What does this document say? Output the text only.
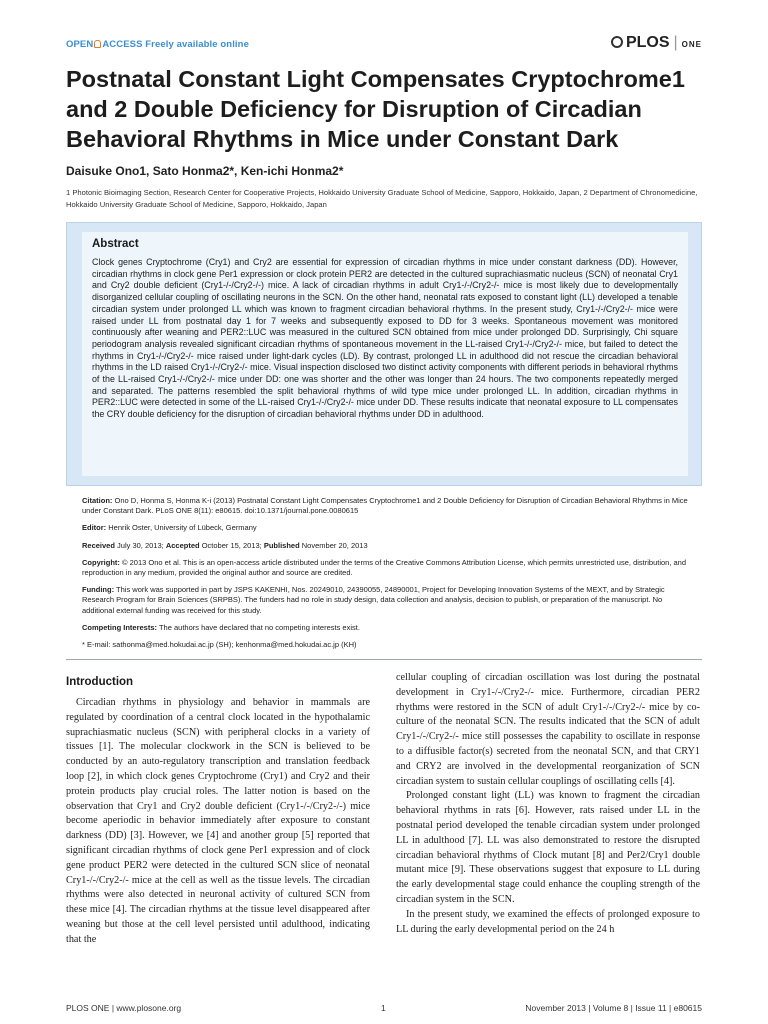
OPEN ACCESS Freely available online	PLOS | ONE
Postnatal Constant Light Compensates Cryptochrome1 and 2 Double Deficiency for Disruption of Circadian Behavioral Rhythms in Mice under Constant Dark
Daisuke Ono1, Sato Honma2*, Ken-ichi Honma2*
1 Photonic Bioimaging Section, Research Center for Cooperative Projects, Hokkaido University Graduate School of Medicine, Sapporo, Hokkaido, Japan, 2 Department of Chronomedicine, Hokkaido University Graduate School of Medicine, Sapporo, Hokkaido, Japan
Abstract

Clock genes Cryptochrome (Cry1) and Cry2 are essential for expression of circadian rhythms in mice under constant darkness (DD). However, circadian rhythms in clock gene Per1 expression or clock protein PER2 are detected in the cultured suprachiasmatic nucleus (SCN) of neonatal Cry1 and Cry2 double deficient (Cry1-/-/Cry2-/-) mice. A lack of circadian rhythms in adult Cry1-/-/Cry2-/- mice is most likely due to developmentally disorganized cellular coupling of oscillating neurons in the SCN. On the other hand, neonatal rats exposed to constant light (LL) developed a tenable circadian system under prolonged LL which was known to fragment circadian behavioral rhythms. In the present study, Cry1-/-/Cry2-/- mice were raised under LL from postnatal day 1 for 7 weeks and subsequently exposed to DD for 3 weeks. Spontaneous movement was monitored continuously after weaning and PER2::LUC was measured in the cultured SCN obtained from mice under prolonged DD. Surprisingly, Chi square periodogram analysis revealed significant circadian rhythms of spontaneous movement in the LL-raised Cry1-/-/Cry2-/- mice, but failed to detect the rhythms in Cry1-/-/Cry2-/- mice raised under light-dark cycles (LD). By contrast, prolonged LL in adulthood did not rescue the circadian behavioral rhythms in the LD raised Cry1-/-/Cry2-/- mice. Visual inspection disclosed two distinct activity components with different periods in behavioral rhythms of the LL-raised Cry1-/-/Cry2-/- mice under DD: one was shorter and the other was longer than 24 hours. The two components repeatedly merged and separated. The patterns resembled the split behavioral rhythms of wild type mice under prolonged LL. In addition, circadian rhythms in PER2::LUC were detected in some of the LL-raised Cry1-/-/Cry2-/- mice under DD. These results indicate that neonatal exposure to LL compensates the CRY double deficiency for the disruption of circadian behavioral rhythms under DD in adulthood.

Citation: Ono D, Honma S, Honma K-i (2013) Postnatal Constant Light Compensates Cryptochrome1 and 2 Double Deficiency for Disruption of Circadian Behavioral Rhythms in Mice under Constant Dark. PLoS ONE 8(11): e80615. doi:10.1371/journal.pone.0080615

Editor: Henrik Oster, University of Lübeck, Germany

Received July 30, 2013; Accepted October 15, 2013; Published November 20, 2013

Copyright: © 2013 Ono et al. This is an open-access article distributed under the terms of the Creative Commons Attribution License, which permits unrestricted use, distribution, and reproduction in any medium, provided the original author and source are credited.

Funding: This work was supported in part by JSPS KAKENHI, Nos. 20249010, 24390055, 24890001, Project for Developing Innovation Systems of the MEXT, and by Strategic Research Program for Brain Sciences (SRPBS). The funders had no role in study design, data collection and analysis, decision to publish, or preparation of the manuscript. No additional external funding was received for this study.

Competing Interests: The authors have declared that no competing interests exist.

* E-mail: sathonma@med.hokudai.ac.jp (SH); kenhonma@med.hokudai.ac.jp (KH)

Introduction

Circadian rhythms in physiology and behavior in mammals are regulated by coordination of a central clock located in the hypothalamic suprachiasmatic nucleus (SCN) with peripheral clocks in a variety of tissues [1]. The molecular clockwork in the SCN is believed to be conducted by an auto-regulatory transcription and translation feedback loop [2], in which clock genes Cryptochrome (Cry1) and Cry2 and their protein products play crucial roles. The latter notion is based on the observation that Cry1 and Cry2 double deficient (Cry1-/-/Cry2-/-) mice become aperiodic in behavior immediately after exposure to constant darkness (DD) [3]. However, we [4] and another group [5] reported that significant circadian rhythms of clock gene Per1 expression and of clock gene product PER2 were detected in the cultured SCN slice of neonatal Cry1-/-/Cry2-/- mice at the cell as well as the tissue levels. The circadian rhythms were also detected in neuronal activity of cultured SCN from these mice [4]. The circadian rhythms at the tissue level disappeared after weaning but those at the cell level persisted until adulthood, indicating that the

cellular coupling of circadian oscillation was lost during the postnatal development in Cry1-/-/Cry2-/- mice. Furthermore, circadian PER2 rhythms were restored in the SCN of adult Cry1-/-/Cry2-/- mice by co-culture of the neonatal SCN. The results indicated that the SCN of adult Cry1-/-/Cry2-/- mice still possesses the capability to oscillate in response to a diffusible factor(s) secreted from the neonatal SCN, and that CRY1 and CRY2 are involved in the developmental reorganization of SCN circadian system to sustain cellular couplings of oscillating cells [4].

Prolonged constant light (LL) was known to fragment the circadian behavioral rhythms in rats [6]. However, rats raised under LL in the postnatal period developed the tenable circadian system under prolonged LL in adulthood [7]. LL was also demonstrated to restore the disrupted circadian behavioral rhythms of Clock mutant [8] and Per2/Cry1 double mutant mice [9]. These observations suggest that exposure to LL during the early developmental stage could enhance the coupling strength of the circadian system in the SCN.

In the present study, we examined the effects of prolonged exposure to LL during the early developmental period on the 24 h

PLOS ONE | www.plosone.org	1	November 2013 | Volume 8 | Issue 11 | e80615
